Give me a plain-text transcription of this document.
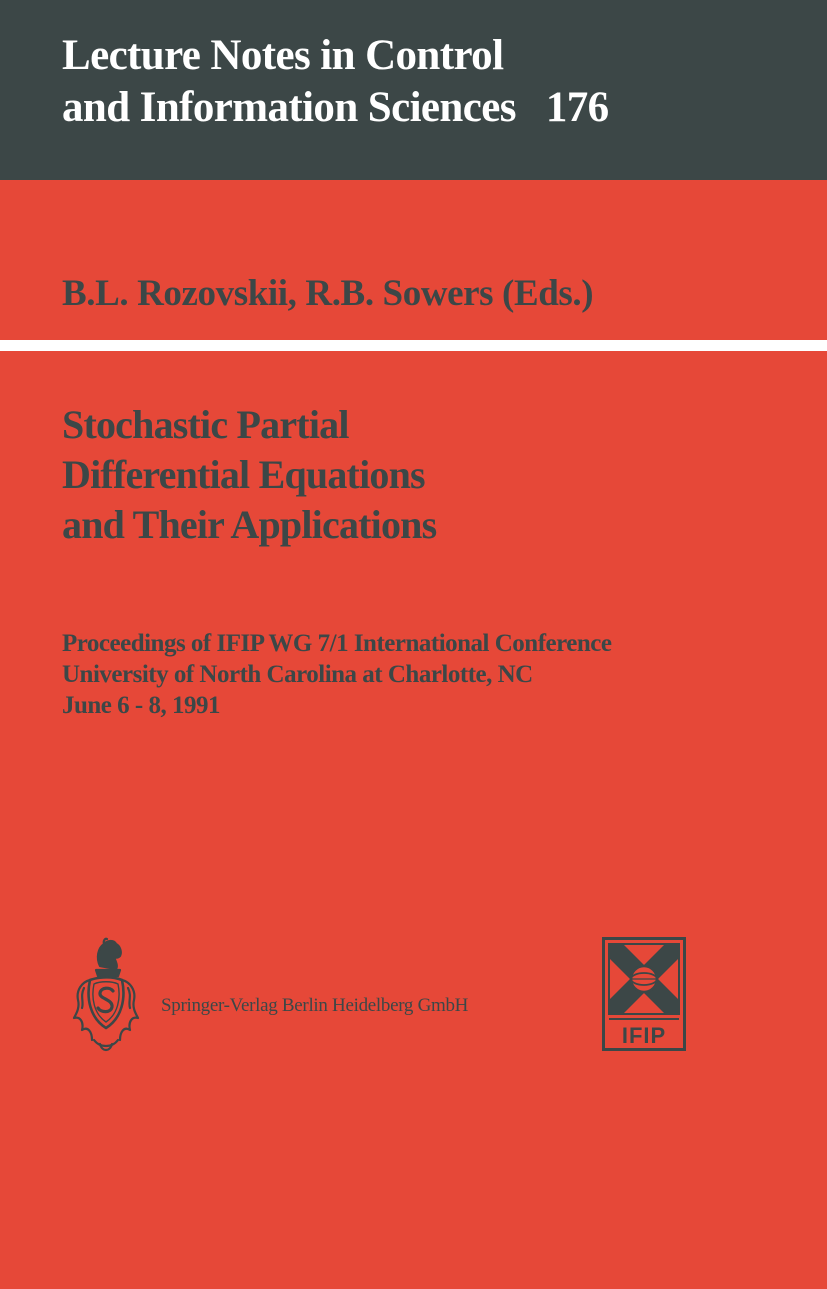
Lecture Notes in Control
and Information Sciences 176
B.L. Rozovskii, R.B. Sowers (Eds.)
Stochastic Partial
Differential Equations
and Their Applications
Proceedings of IFIP WG 7/1 International Conference
University of North Carolina at Charlotte, NC
June 6 - 8, 1991
Springer-Verlag Berlin Heidelberg GmbH
IFIP
